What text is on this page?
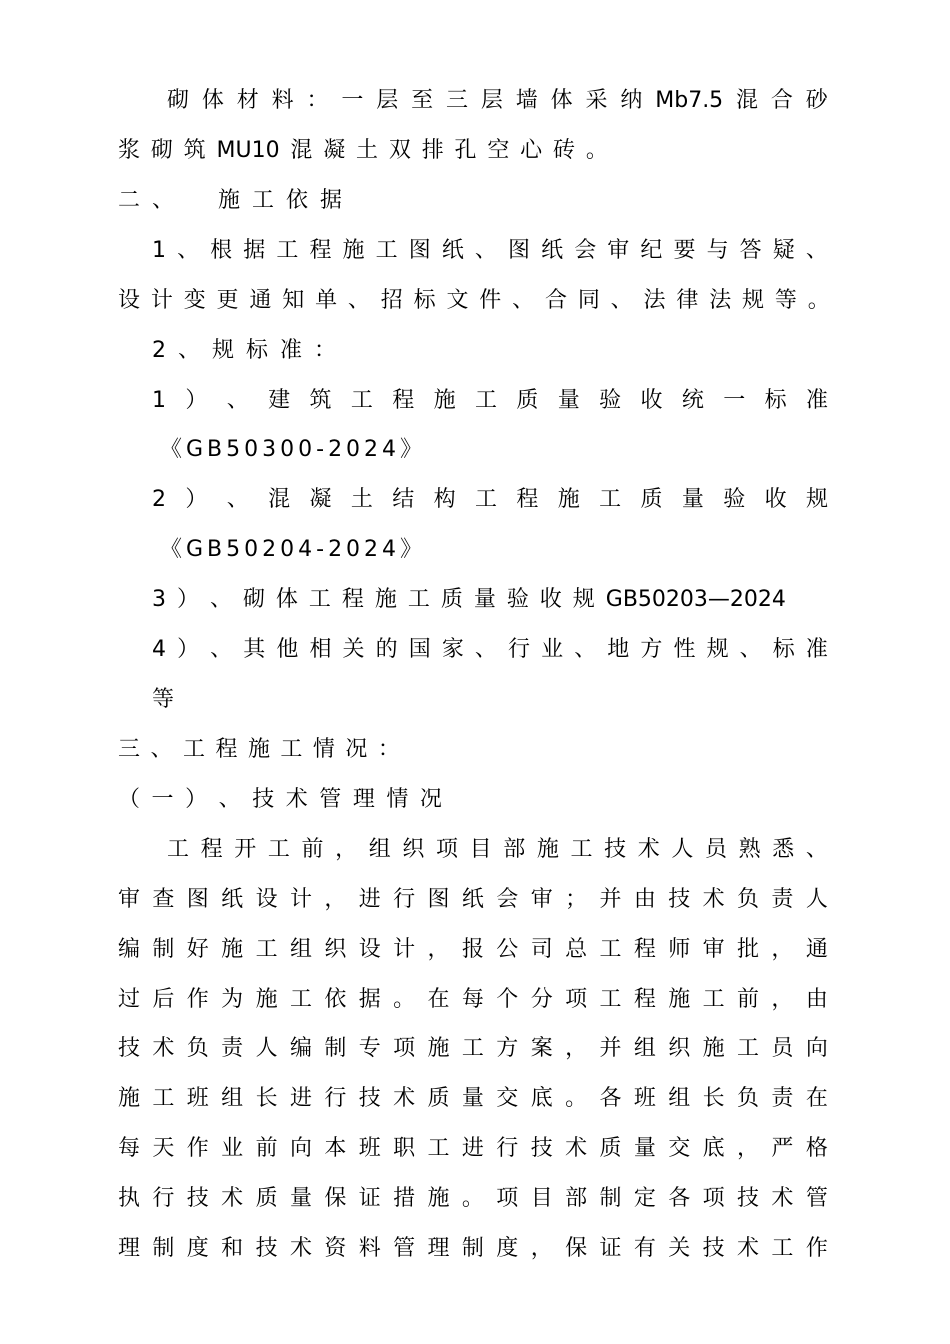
砌 体 材 料 ： 一 层 至 三 层 墙 体 采 纳 Mb7.5 混 合 砂
浆 砌 筑 MU10 混 凝 土 双 排 孔 空 心 砖 。
二、 施工依据
1 、 根 据 工 程 施 工 图 纸 、 图 纸 会 审 纪 要 与 答 疑 、
设 计 变 更 通 知 单 、 招 标 文 件 、 合 同 、 法 律 法 规 等 。
2、规标准：
1 ） 、 建 筑 工 程 施 工 质 量 验 收 统 一 标 准
《GB50300-2024》
2 ） 、 混 凝 土 结 构 工 程 施 工 质 量 验 收 规
《GB50204-2024》
3 ） 、 砌 体 工 程 施 工 质 量 验 收 规 GB50203—2024
4 ） 、 其 他 相 关 的 国 家 、 行 业 、 地 方 性 规 、 标 准
等
三 、 工 程 施 工 情 况 ：
（ 一 ） 、 技 术 管 理 情 况
工 程 开 工 前 ， 组 织 项 目 部 施 工 技 术 人 员 熟 悉 、
审 查 图 纸 设 计 ， 进 行 图 纸 会 审 ； 并 由 技 术 负 责 人
编 制 好 施 工 组 织 设 计 ， 报 公 司 总 工 程 师 审 批 ， 通
过 后 作 为 施 工 依 据 。 在 每 个 分 项 工 程 施 工 前 ， 由
技 术 负 责 人 编 制 专 项 施 工 方 案 ， 并 组 织 施 工 员 向
施 工 班 组 长 进 行 技 术 质 量 交 底 。 各 班 组 长 负 责 在
每 天 作 业 前 向 本 班 职 工 进 行 技 术 质 量 交 底 ， 严 格
执 行 技 术 质 量 保 证 措 施 。 项 目 部 制 定 各 项 技 术 管
理 制 度 和 技 术 资 料 管 理 制 度 ， 保 证 有 关 技 术 工 作
